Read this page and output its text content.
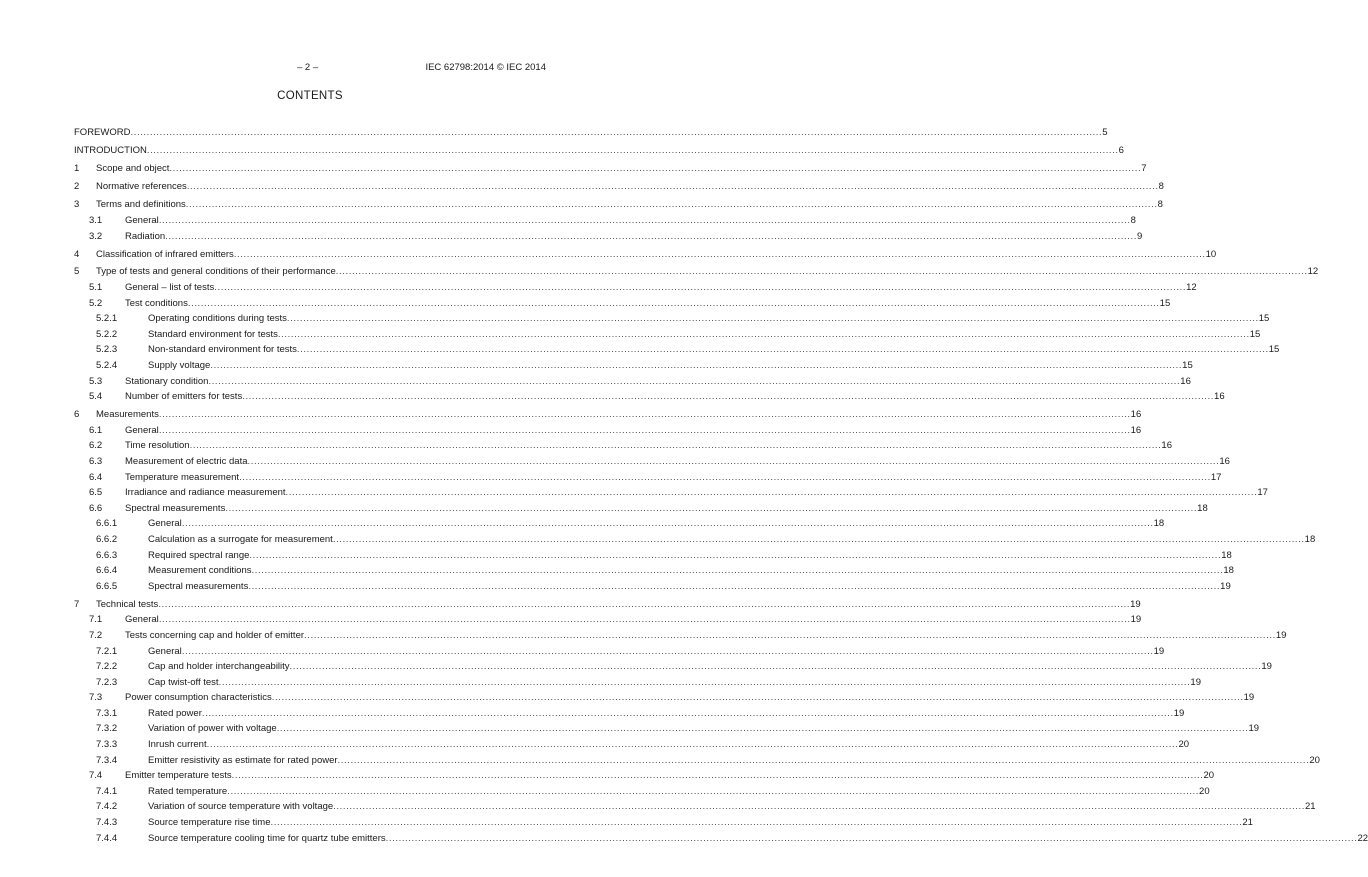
– 2 –	IEC 62798:2014 © IEC 2014
CONTENTS
FOREWORD ............................................................................................................................................................................................................................................................................................................ 5
INTRODUCTION ............................................................................................................................................................................................................................................................................................................ 6
1 Scope and object ............................................................................................................................................................................................................................................................................................................ 7
2 Normative references ............................................................................................................................................................................................................................................................................................................ 8
3 Terms and definitions ............................................................................................................................................................................................................................................................................................................ 8
3.1 General ............................................................................................................................................................................................................................................................................................................ 8
3.2 Radiation ............................................................................................................................................................................................................................................................................................................ 9
4 Classification of infrared emitters ............................................................................................................................................................................................................................................................................................................ 10
5 Type of tests and general conditions of their performance ............................................................................................................................................................................................................................................................................................................ 12
5.1 General – list of tests ............................................................................................................................................................................................................................................................................................................ 12
5.2 Test conditions ............................................................................................................................................................................................................................................................................................................ 15
5.2.1	Operating conditions during tests ............................................................................................................................................................................................................................................................................................................ 15
5.2.2	Standard environment for tests ............................................................................................................................................................................................................................................................................................................ 15
5.2.3	Non-standard environment for tests ............................................................................................................................................................................................................................................................................................................ 15
5.2.4	Supply voltage ............................................................................................................................................................................................................................................................................................................ 15
5.3 Stationary condition ............................................................................................................................................................................................................................................................................................................ 16
5.4 Number of emitters for tests ............................................................................................................................................................................................................................................................................................................ 16
6 Measurements ............................................................................................................................................................................................................................................................................................................ 16
6.1 General ............................................................................................................................................................................................................................................................................................................ 16
6.2 Time resolution ............................................................................................................................................................................................................................................................................................................ 16
6.3 Measurement of electric data ............................................................................................................................................................................................................................................................................................................ 16
6.4 Temperature measurement ............................................................................................................................................................................................................................................................................................................ 17
6.5 Irradiance and radiance measurement ............................................................................................................................................................................................................................................................................................................ 17
6.6 Spectral measurements ............................................................................................................................................................................................................................................................................................................ 18
6.6.1	General ............................................................................................................................................................................................................................................................................................................ 18
6.6.2	Calculation as a surrogate for measurement ............................................................................................................................................................................................................................................................................................................ 18
6.6.3	Required spectral range ............................................................................................................................................................................................................................................................................................................ 18
6.6.4	Measurement conditions ............................................................................................................................................................................................................................................................................................................ 18
6.6.5	Spectral measurements ............................................................................................................................................................................................................................................................................................................ 19
7 Technical tests ............................................................................................................................................................................................................................................................................................................ 19
7.1 General ............................................................................................................................................................................................................................................................................................................ 19
7.2 Tests concerning cap and holder of emitter ............................................................................................................................................................................................................................................................................................................ 19
7.2.1	General ............................................................................................................................................................................................................................................................................................................ 19
7.2.2	Cap and holder interchangeability ............................................................................................................................................................................................................................................................................................................ 19
7.2.3	Cap twist-off test ............................................................................................................................................................................................................................................................................................................ 19
7.3 Power consumption characteristics ............................................................................................................................................................................................................................................................................................................ 19
7.3.1	Rated power ............................................................................................................................................................................................................................................................................................................ 19
7.3.2	Variation of power with voltage ............................................................................................................................................................................................................................................................................................................ 19
7.3.3	Inrush current ............................................................................................................................................................................................................................................................................................................ 20
7.3.4	Emitter resistivity as estimate for rated power ............................................................................................................................................................................................................................................................................................................ 20
7.4 Emitter temperature tests ............................................................................................................................................................................................................................................................................................................ 20
7.4.1	Rated temperature ............................................................................................................................................................................................................................................................................................................ 20
7.4.2	Variation of source temperature with voltage ............................................................................................................................................................................................................................................................................................................ 21
7.4.3	Source temperature rise time ............................................................................................................................................................................................................................................................................................................ 21
7.4.4	Source temperature cooling time for quartz tube emitters ............................................................................................................................................................................................................................................................................................................ 22
